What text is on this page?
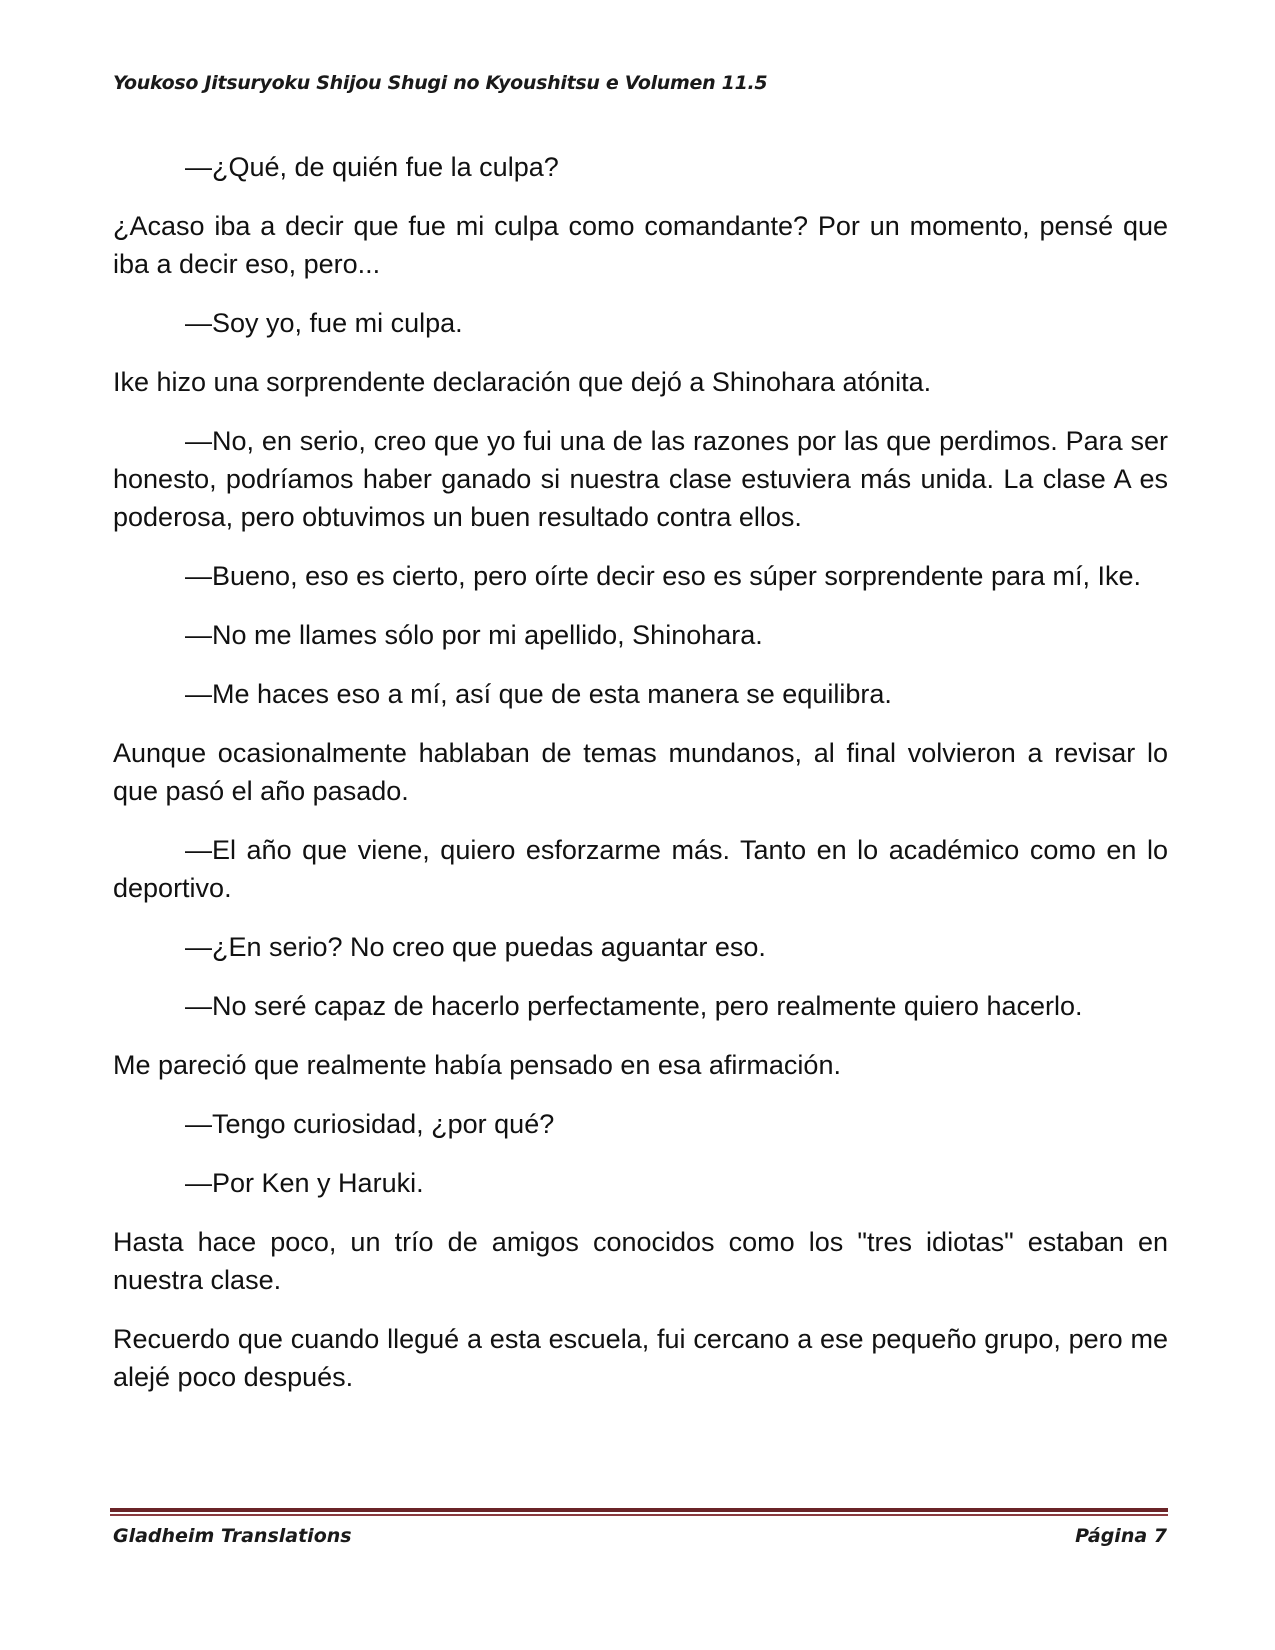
Youkoso Jitsuryoku Shijou Shugi no Kyoushitsu e Volumen 11.5

—¿Qué, de quién fue la culpa?

¿Acaso iba a decir que fue mi culpa como comandante? Por un momento, pensé que iba a decir eso, pero...

—Soy yo, fue mi culpa.

Ike hizo una sorprendente declaración que dejó a Shinohara atónita.

—No, en serio, creo que yo fui una de las razones por las que perdimos. Para ser honesto, podríamos haber ganado si nuestra clase estuviera más unida. La clase A es poderosa, pero obtuvimos un buen resultado contra ellos.

—Bueno, eso es cierto, pero oírte decir eso es súper sorprendente para mí, Ike.

—No me llames sólo por mi apellido, Shinohara.

—Me haces eso a mí, así que de esta manera se equilibra.

Aunque ocasionalmente hablaban de temas mundanos, al final volvieron a revisar lo que pasó el año pasado.

—El año que viene, quiero esforzarme más. Tanto en lo académico como en lo deportivo.

—¿En serio? No creo que puedas aguantar eso.

—No seré capaz de hacerlo perfectamente, pero realmente quiero hacerlo.

Me pareció que realmente había pensado en esa afirmación.

—Tengo curiosidad, ¿por qué?

—Por Ken y Haruki.

Hasta hace poco, un trío de amigos conocidos como los "tres idiotas" estaban en nuestra clase.

Recuerdo que cuando llegué a esta escuela, fui cercano a ese pequeño grupo, pero me alejé poco después.

Gladheim Translations	Página 7
